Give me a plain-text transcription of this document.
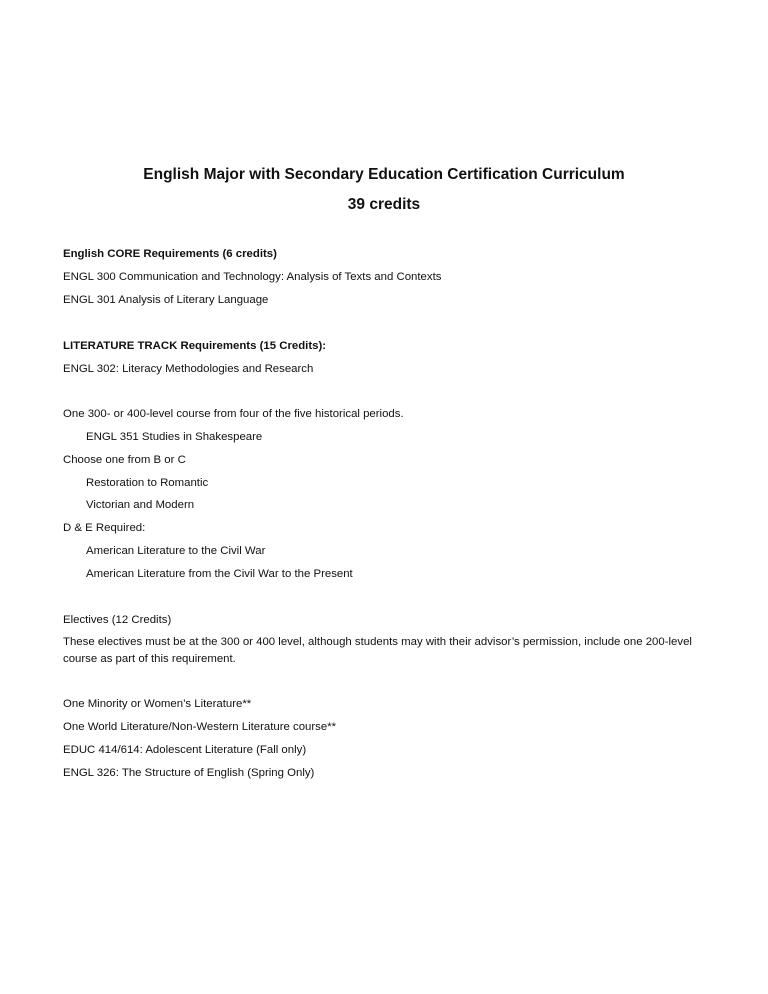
English Major with Secondary Education Certification Curriculum
39 credits
English CORE Requirements (6 credits)
ENGL 300 Communication and Technology: Analysis of Texts and Contexts
ENGL 301 Analysis of Literary Language
LITERATURE TRACK Requirements (15 Credits):
ENGL 302: Literacy Methodologies and Research
One 300- or 400-level course from four of the five historical periods.
ENGL 351 Studies in Shakespeare
Choose one from B or C
Restoration to Romantic
Victorian and Modern
D & E Required:
American Literature to the Civil War
American Literature from the Civil War to the Present
Electives (12 Credits)
These electives must be at the 300 or 400 level, although students may with their advisor’s permission, include one 200-level course as part of this requirement.
One Minority or Women’s Literature**
One World Literature/Non-Western Literature course**
EDUC 414/614: Adolescent Literature (Fall only)
ENGL 326: The Structure of English (Spring Only)
